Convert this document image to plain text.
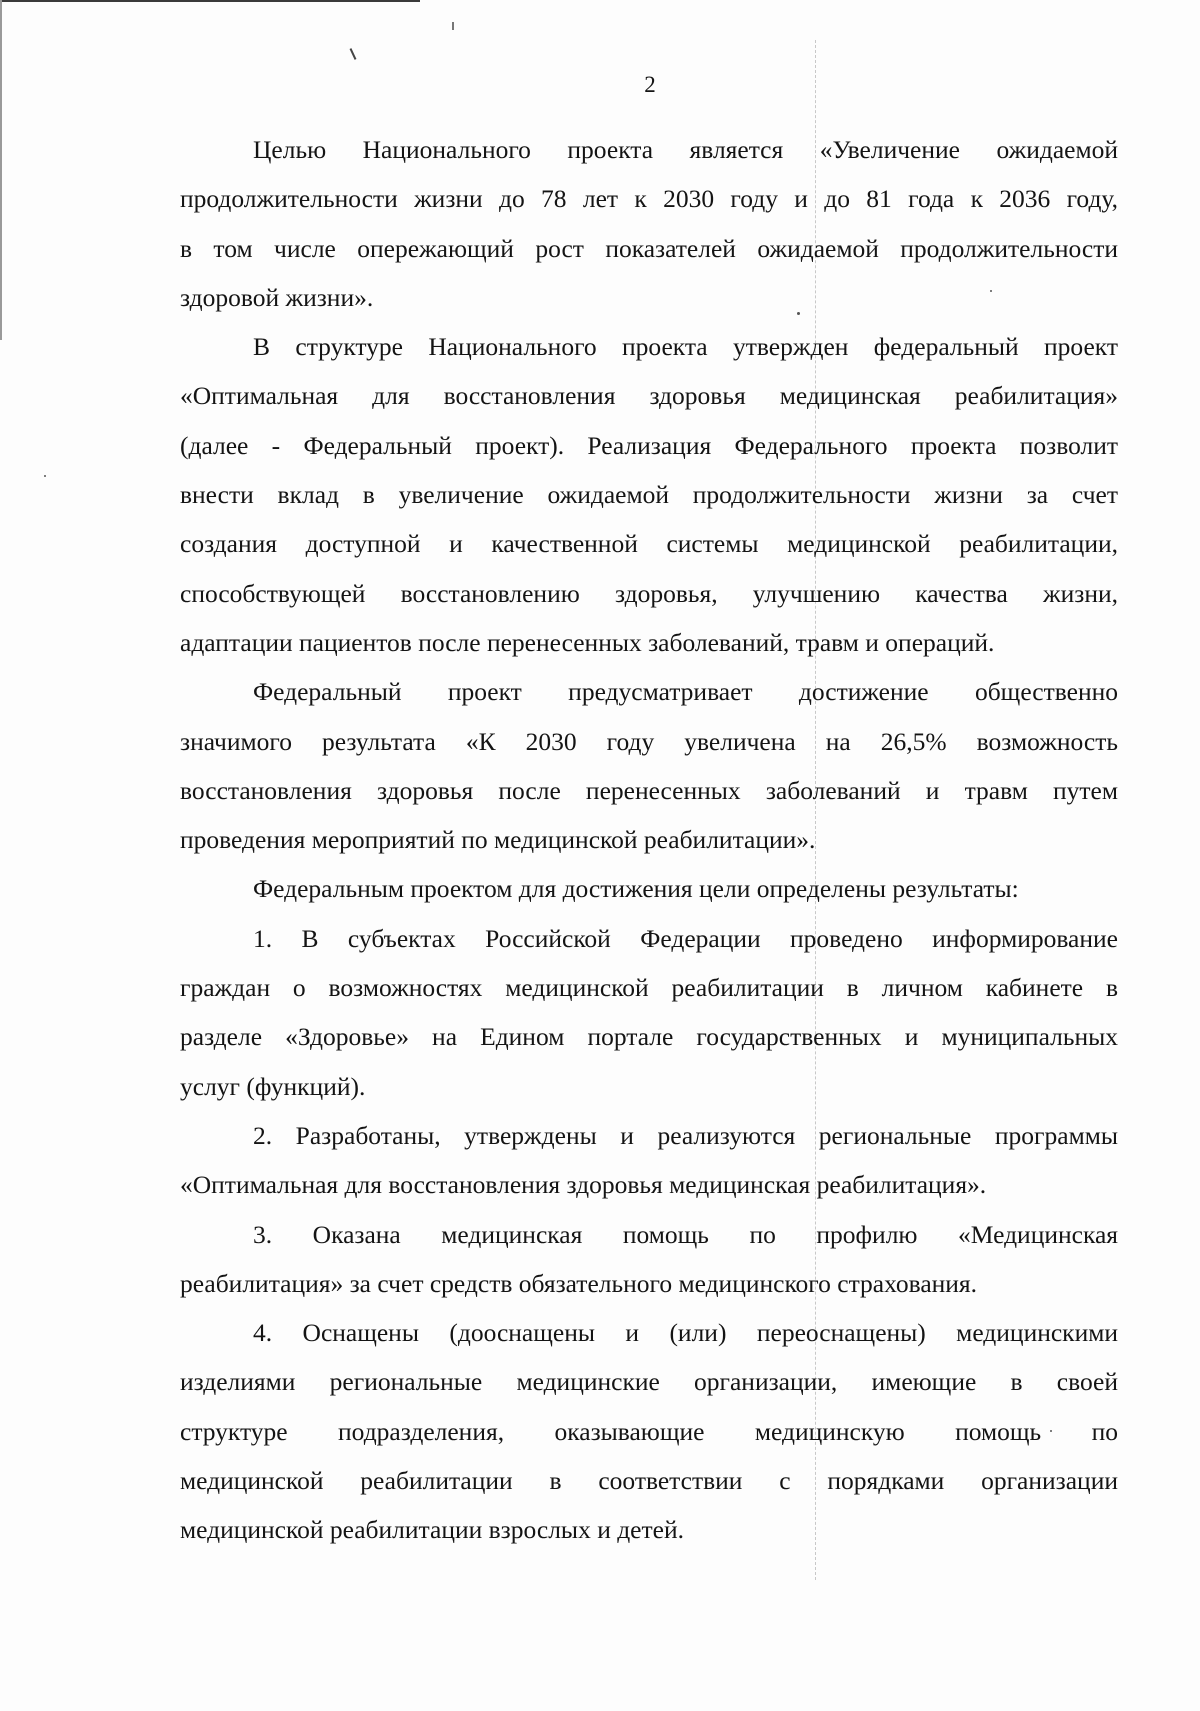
2

Целью Национального проекта является «Увеличение ожидаемой
продолжительности жизни до 78 лет к 2030 году и до 81 года к 2036 году,
в том числе опережающий рост показателей ожидаемой продолжительности
здоровой жизни».

В структуре Национального проекта утвержден федеральный проект
«Оптимальная для восстановления здоровья медицинская реабилитация»
(далее - Федеральный проект). Реализация Федерального проекта позволит
внести вклад в увеличение ожидаемой продолжительности жизни за счет
создания доступной и качественной системы медицинской реабилитации,
способствующей восстановлению здоровья, улучшению качества жизни,
адаптации пациентов после перенесенных заболеваний, травм и операций.

Федеральный проект предусматривает достижение общественно
значимого результата «К 2030 году увеличена на 26,5% возможность
восстановления здоровья после перенесенных заболеваний и травм путем
проведения мероприятий по медицинской реабилитации».

Федеральным проектом для достижения цели определены результаты:

1. В субъектах Российской Федерации проведено информирование
граждан о возможностях медицинской реабилитации в личном кабинете в
разделе «Здоровье» на Едином портале государственных и муниципальных
услуг (функций).

2. Разработаны, утверждены и реализуются региональные программы
«Оптимальная для восстановления здоровья медицинская реабилитация».

3. Оказана медицинская помощь по профилю «Медицинская
реабилитация» за счет средств обязательного медицинского страхования.

4. Оснащены (дооснащены и (или) переоснащены) медицинскими
изделиями региональные медицинские организации, имеющие в своей
структуре подразделения, оказывающие медицинскую помощь по
медицинской реабилитации в соответствии с порядками организации
медицинской реабилитации взрослых и детей.
